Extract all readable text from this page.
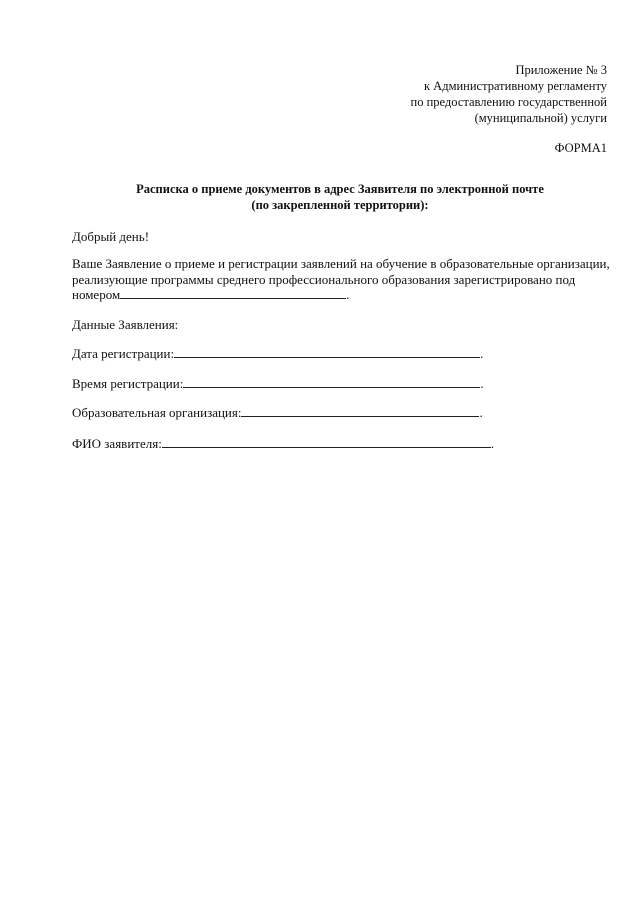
Приложение № 3
к Административному регламенту
по предоставлению государственной
(муниципальной) услуги
ФОРМА1
Расписка о приеме документов в адрес Заявителя по электронной почте
(по закрепленной территории):
Добрый день!
Ваше Заявление о приеме и регистрации заявлений на обучение в образовательные организации,
реализующие программы среднего профессионального образования зарегистрировано под
номером	.
Данные Заявления:
Дата регистрации:	.
Время регистрации:	.
Образовательная организация:	.
ФИО заявителя:	.
